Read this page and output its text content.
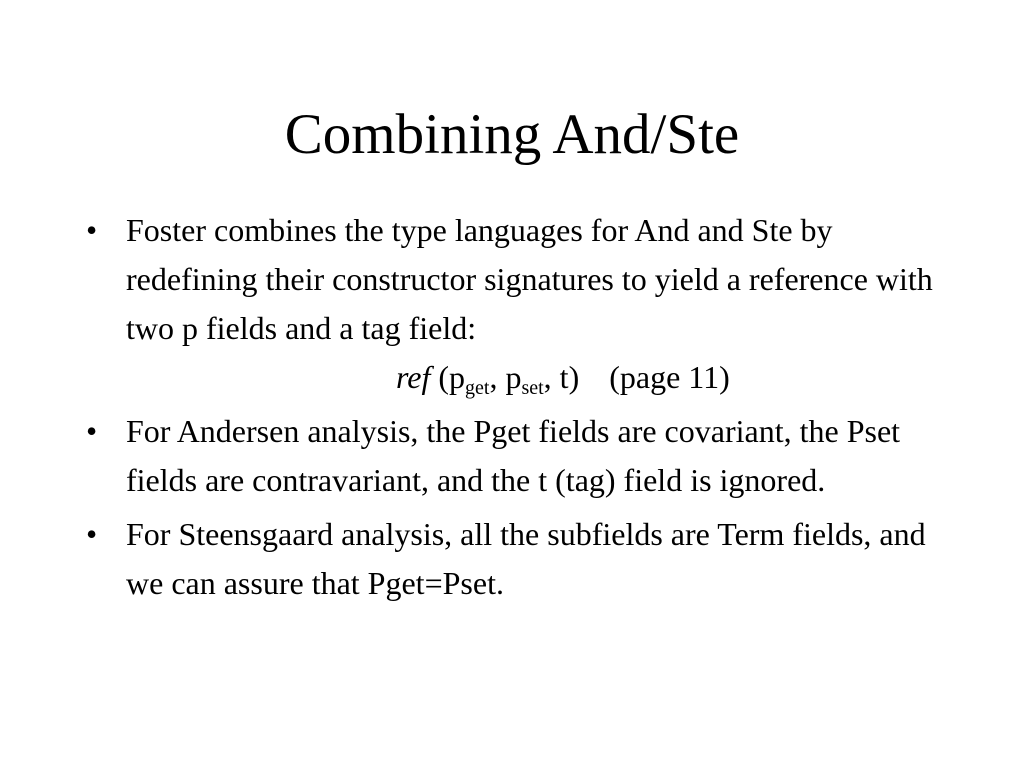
Combining And/Ste
• Foster combines the type languages for And and Ste by redefining their constructor signatures to yield a reference with two p fields and a tag field:
ref ($p_{get}$, $p_{set}$, t) (page 11)
• For Andersen analysis, the Pget fields are covariant, the Pset fields are contravariant, and the t (tag) field is ignored.
• For Steensgaard analysis, all the subfields are Term fields, and we can assure that Pget=Pset.
